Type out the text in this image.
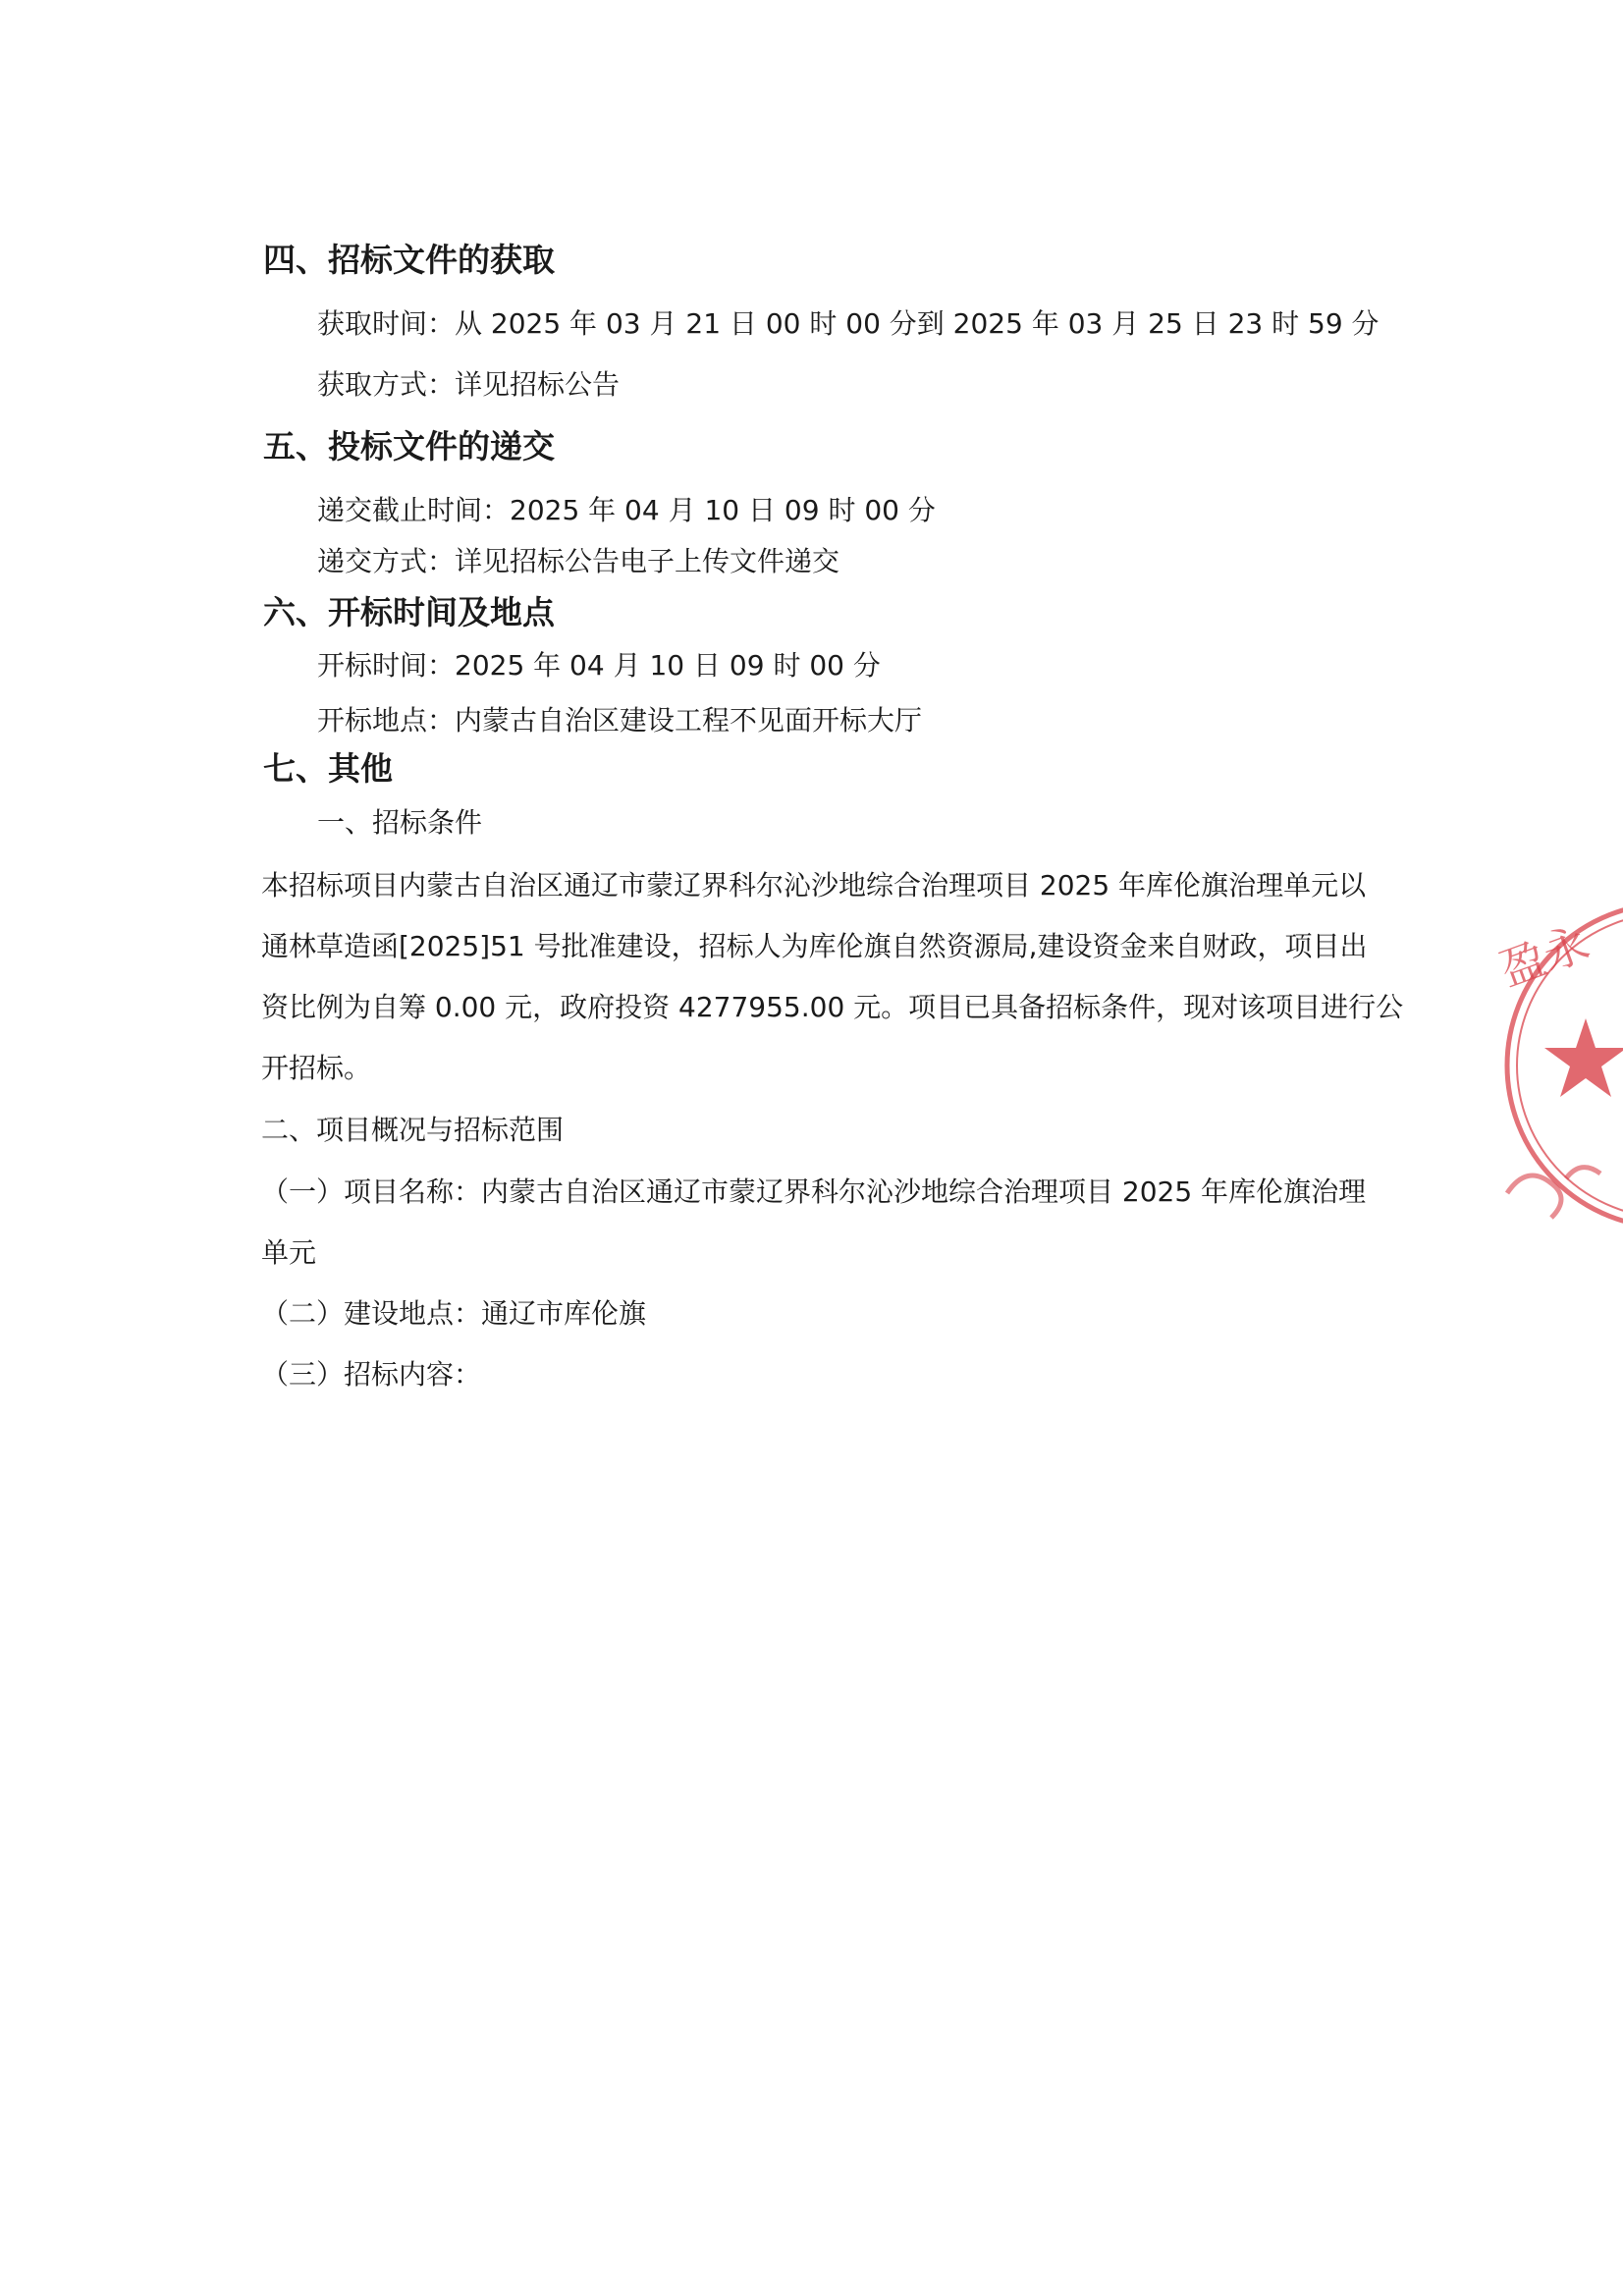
四、招标文件的获取
获取时间：从 2025 年 03 月 21 日 00 时 00 分到 2025 年 03 月 25 日 23 时 59 分
获取方式：详见招标公告
五、投标文件的递交
递交截止时间：2025 年 04 月 10 日 09 时 00 分
递交方式：详见招标公告电子上传文件递交
六、开标时间及地点
开标时间：2025 年 04 月 10 日 09 时 00 分
开标地点：内蒙古自治区建设工程不见面开标大厅
七、其他
一、招标条件
本招标项目内蒙古自治区通辽市蒙辽界科尔沁沙地综合治理项目 2025 年库伦旗治理单元以
通林草造函[2025]51 号批准建设，招标人为库伦旗自然资源局,建设资金来自财政，项目出
资比例为自筹 0.00 元，政府投资 4277955.00 元。项目已具备招标条件，现对该项目进行公
开招标。
二、项目概况与招标范围
（一）项目名称：内蒙古自治区通辽市蒙辽界科尔沁沙地综合治理项目 2025 年库伦旗治理
单元
（二）建设地点：通辽市库伦旗
（三）招标内容：
盈永
